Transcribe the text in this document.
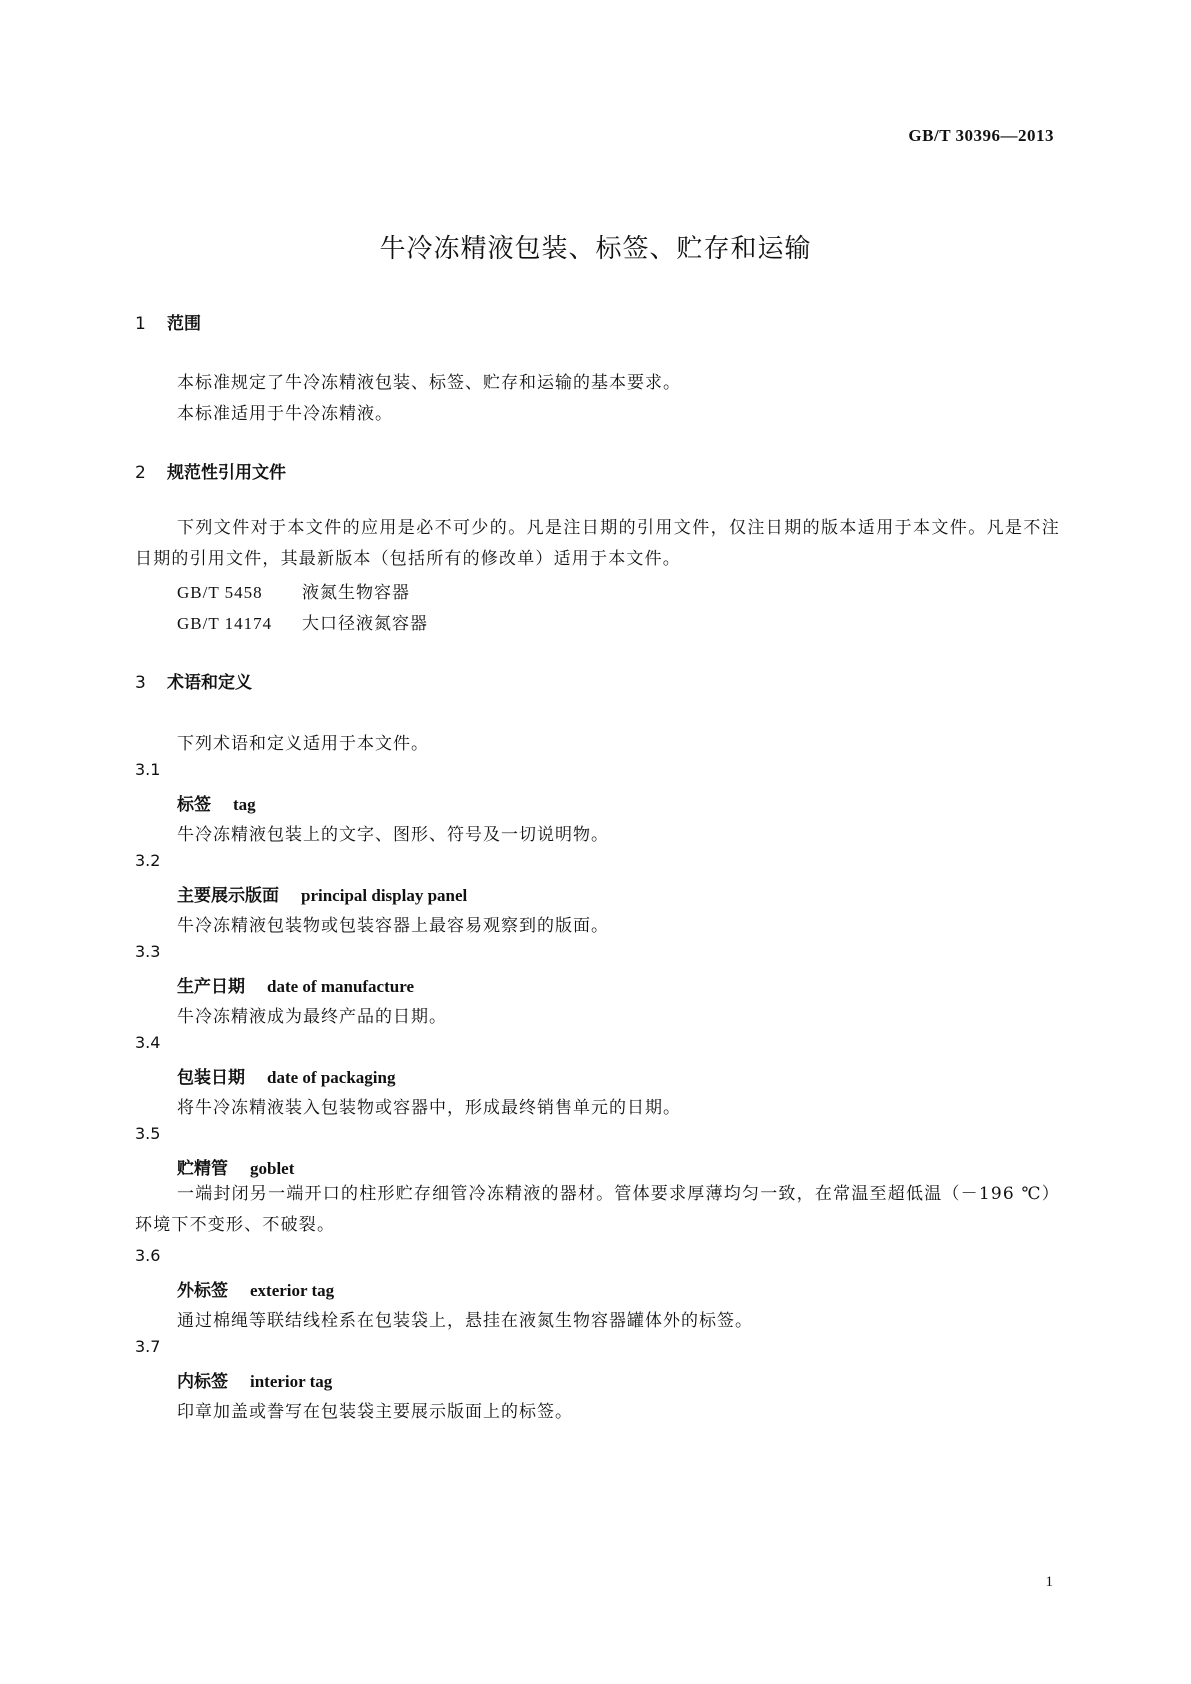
GB/T 30396—2013
牛冷冻精液包装、标签、贮存和运输
1 范围
本标准规定了牛冷冻精液包装、标签、贮存和运输的基本要求。
本标准适用于牛冷冻精液。
2 规范性引用文件
下列文件对于本文件的应用是必不可少的。凡是注日期的引用文件，仅注日期的版本适用于本文件。凡是不注日期的引用文件，其最新版本（包括所有的修改单）适用于本文件。
GB/T 5458 液氮生物容器
GB/T 14174 大口径液氮容器
3 术语和定义
下列术语和定义适用于本文件。
3.1
标签 tag
牛冷冻精液包装上的文字、图形、符号及一切说明物。
3.2
主要展示版面 principal display panel
牛冷冻精液包装物或包装容器上最容易观察到的版面。
3.3
生产日期 date of manufacture
牛冷冻精液成为最终产品的日期。
3.4
包装日期 date of packaging
将牛冷冻精液装入包装物或容器中，形成最终销售单元的日期。
3.5
贮精管 goblet
一端封闭另一端开口的柱形贮存细管冷冻精液的器材。管体要求厚薄均匀一致，在常温至超低温（－196 ℃）环境下不变形、不破裂。
3.6
外标签 exterior tag
通过棉绳等联结线栓系在包装袋上，悬挂在液氮生物容器罐体外的标签。
3.7
内标签 interior tag
印章加盖或誊写在包装袋主要展示版面上的标签。
1
